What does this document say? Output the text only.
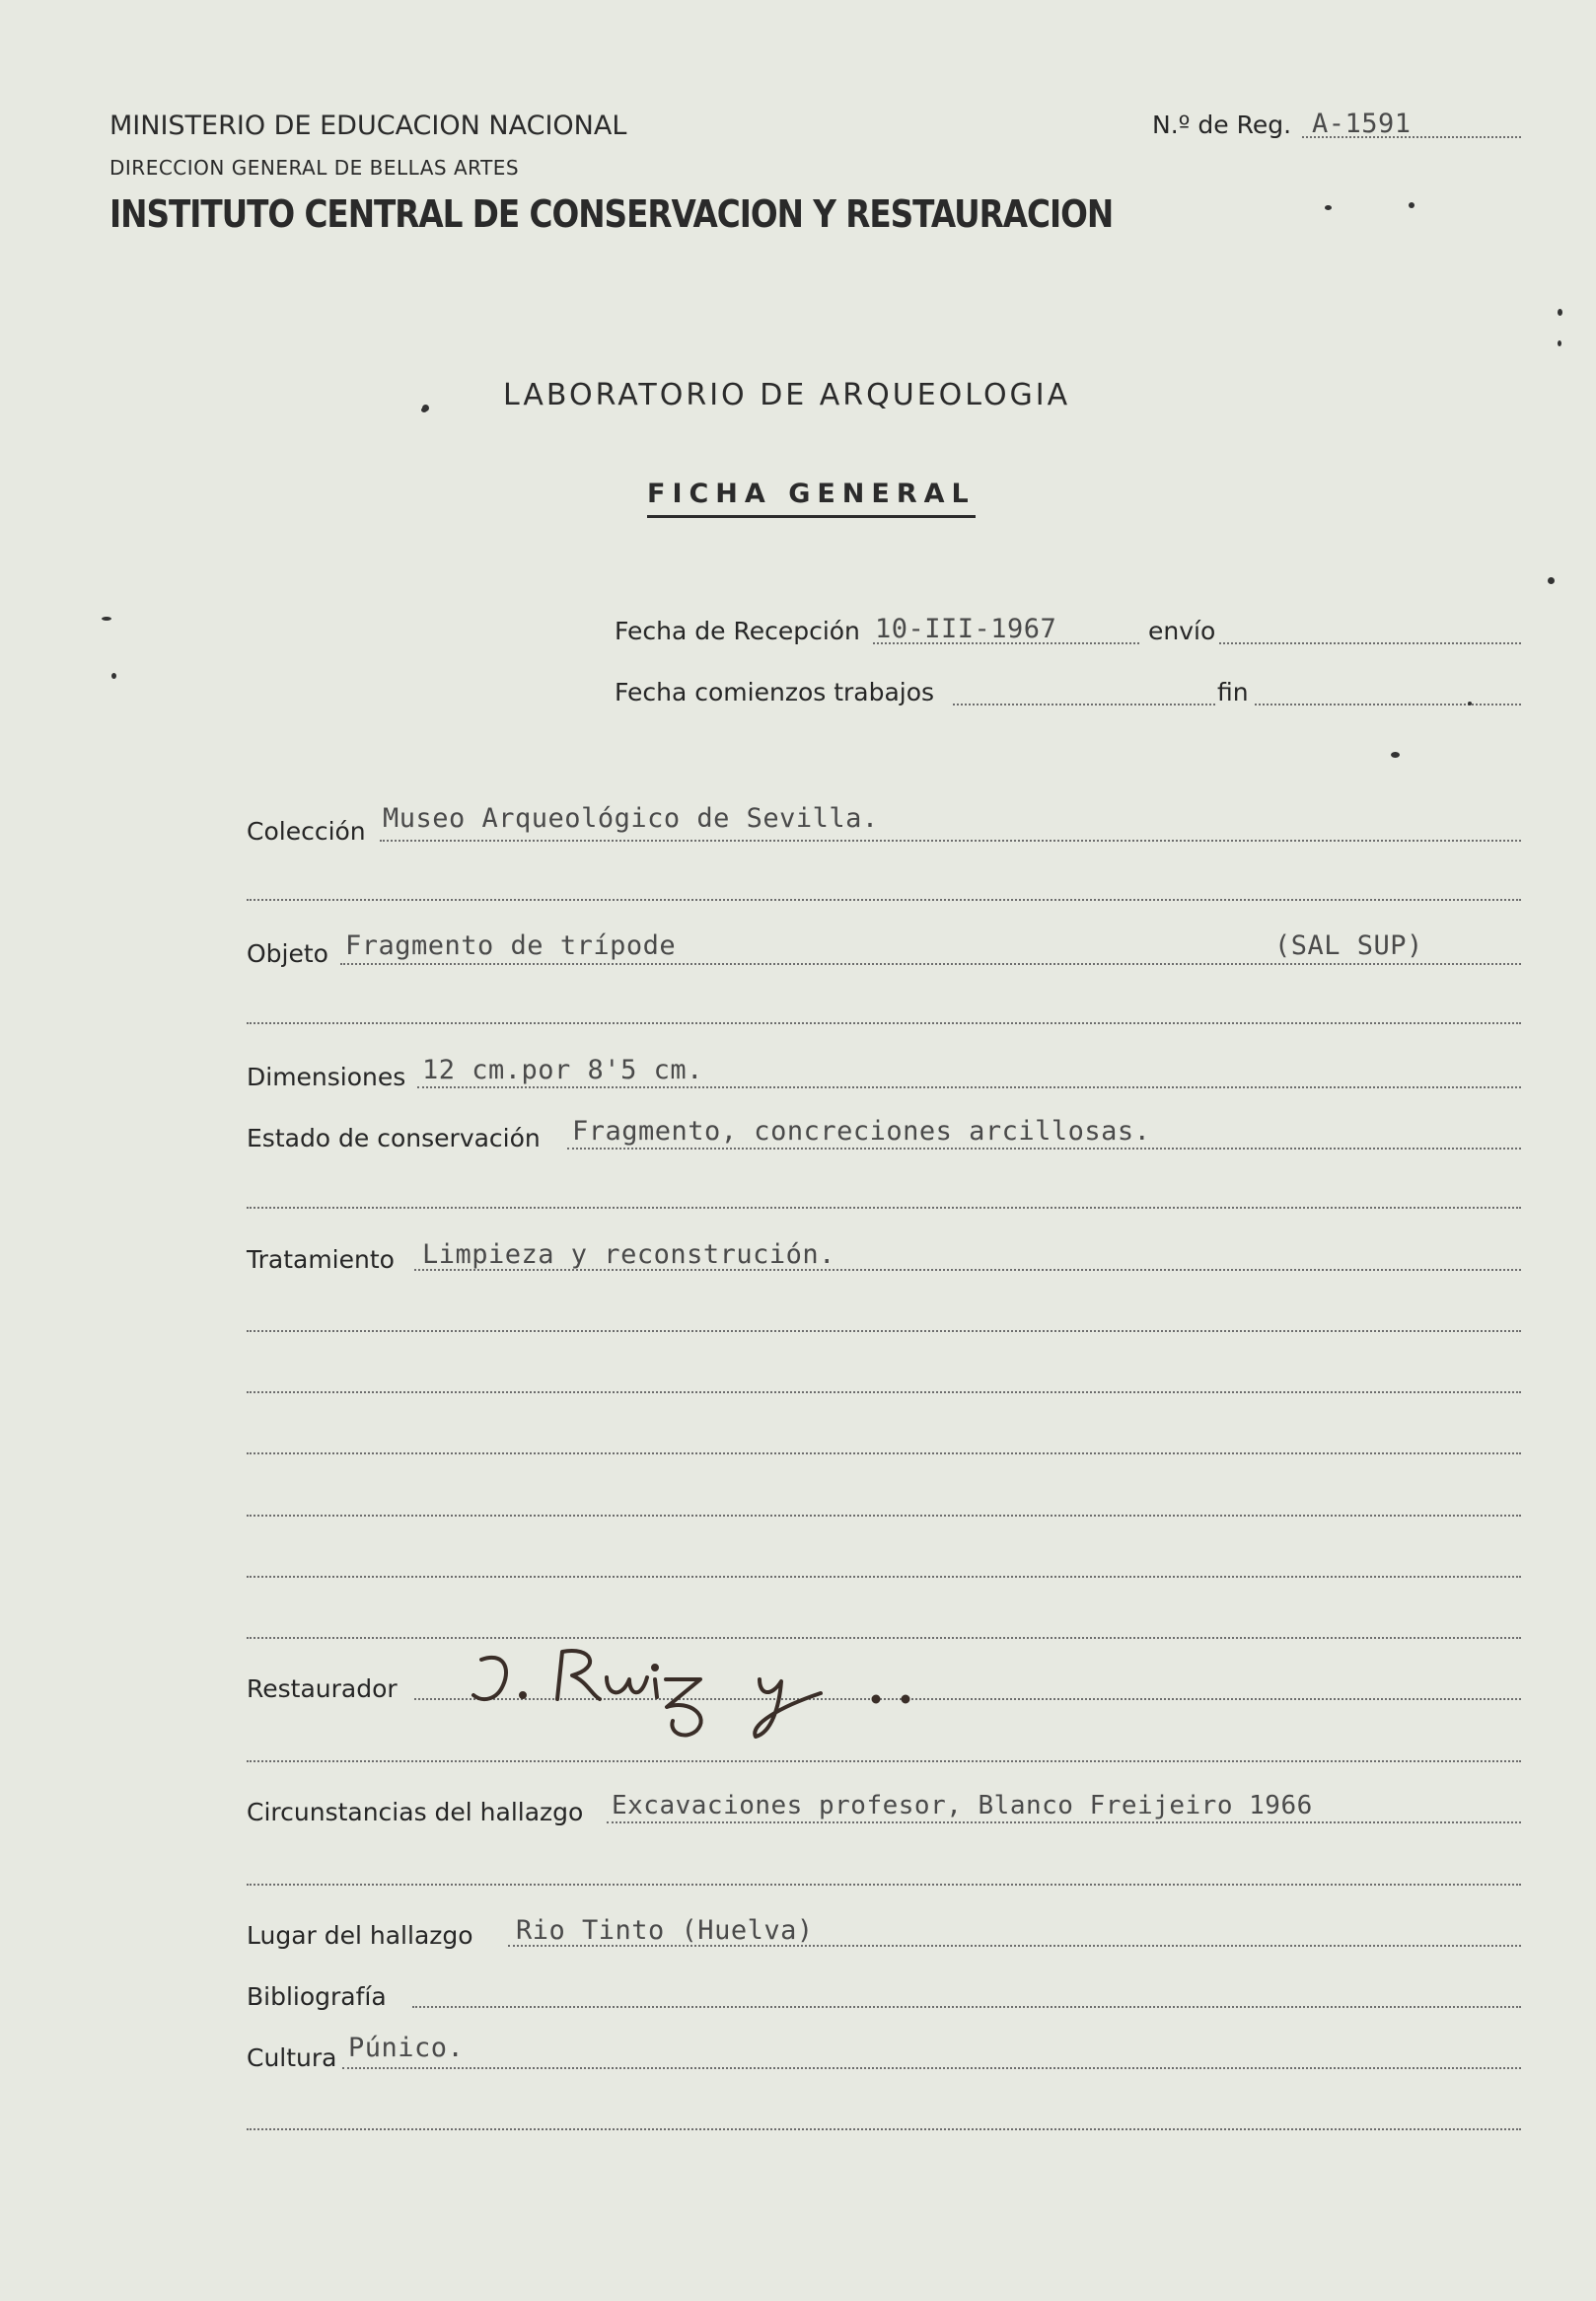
MINISTERIO DE EDUCACION NACIONAL
DIRECCION GENERAL DE BELLAS ARTES
INSTITUTO CENTRAL DE CONSERVACION Y RESTAURACION
N.º de Reg. A-1591
LABORATORIO DE ARQUEOLOGIA
FICHA GENERAL
Fecha de Recepción 10-III-1967	envío
Fecha comienzos trabajos	fin
Colección Museo Arqueológico de Sevilla.
Objeto Fragmento de trípode	(SAL SUP)
Dimensiones 12 cm.por 8'5 cm.
Estado de conservación Fragmento, concreciones arcillosas.
Tratamiento Limpieza y reconstrución.
Restaurador
Circunstancias del hallazgo Excavaciones profesor, Blanco Freijeiro 1966
Lugar del hallazgo Rio Tinto (Huelva)
Bibliografía
Cultura Púnico.
